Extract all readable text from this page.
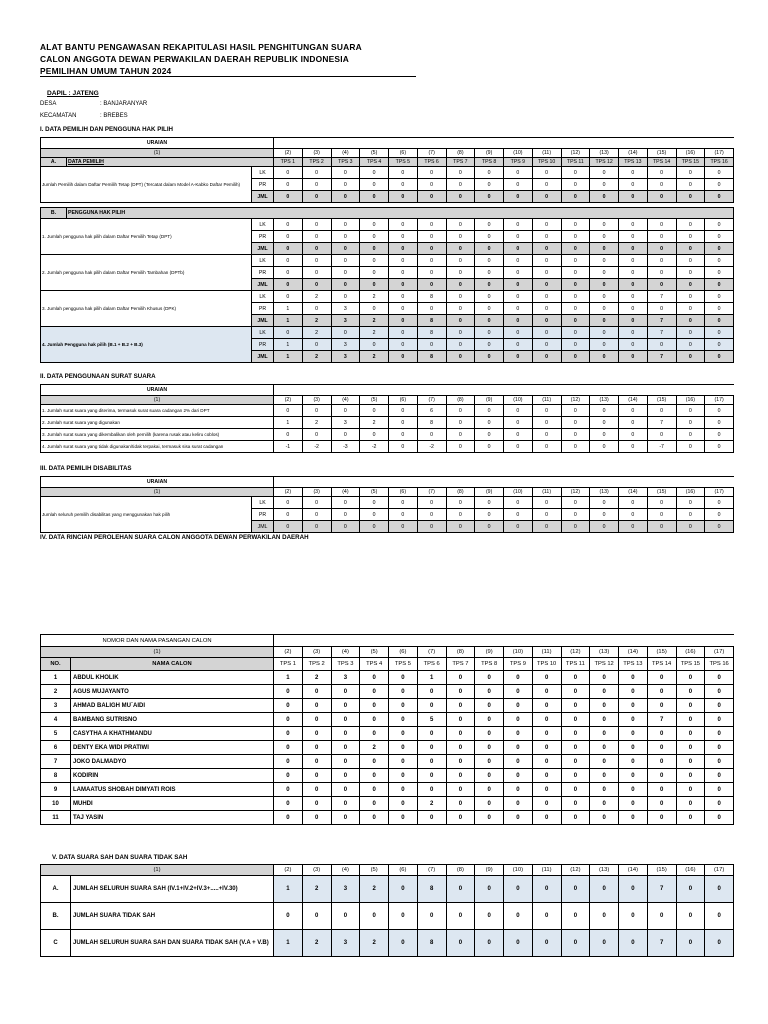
ALAT BANTU PENGAWASAN REKAPITULASI HASIL PENGHITUNGAN SUARA
CALON ANGGOTA DEWAN PERWAKILAN DAERAH REPUBLIK INDONESIA
PEMILIHAN UMUM TAHUN 2024
DAPIL : JATENG
DESA	: BANJARANYAR
KECAMATAN	: BREBES
I. DATA PEMILIH DAN PENGGUNA HAK PILIH
URAIAN																		
(1)			(2)	(3)	(4)	(5)	(6)	(7)	(8)	(9)	(10)	(11)	(12)	(13)	(14)	(15)	(16)	(17)
A.	DATA PEMILIH		TPS 1	TPS 2	TPS 3	TPS 4	TPS 5	TPS 6	TPS 7	TPS 8	TPS 9	TPS 10	TPS 11	TPS 12	TPS 13	TPS 14	TPS 15	TPS 16
Jumlah Pemilih dalam Daftar Pemilih Tetap (DPT) (Tercatat dalam Model A-Kabko Daftar Pemilih)		LK	0	0	0	0	0	0	0	0	0	0	0	0	0	0	0	0
		PR	0	0	0	0	0	0	0	0	0	0	0	0	0	0	0	0
		JML	0	0	0	0	0	0	0	0	0	0	0	0	0	0	0	0

B.	PENGGUNA HAK PILIH																	
1. Jumlah pengguna hak pilih dalam Daftar Pemilih Tetap (DPT)		LK	0	0	0	0	0	0	0	0	0	0	0	0	0	0	0	0
		PR	0	0	0	0	0	0	0	0	0	0	0	0	0	0	0	0
		JML	0	0	0	0	0	0	0	0	0	0	0	0	0	0	0	0
2. Jumlah pengguna hak pilih dalam Daftar Pemilih Tambahan (DPTb)		LK	0	0	0	0	0	0	0	0	0	0	0	0	0	0	0	0
		PR	0	0	0	0	0	0	0	0	0	0	0	0	0	0	0	0
		JML	0	0	0	0	0	0	0	0	0	0	0	0	0	0	0	0
3. Jumlah pengguna hak pilih dalam Daftar Pemilih Khusus (DPK)		LK	0	2	0	2	0	8	0	0	0	0	0	0	0	7	0	0
		PR	1	0	3	0	0	0	0	0	0	0	0	0	0	0	0	0
		JML	1	2	3	2	0	8	0	0	0	0	0	0	0	7	0	0
4. Jumlah Pengguna hak pilih (B.1 + B.2 + B.3)		LK	0	2	0	2	0	8	0	0	0	0	0	0	0	7	0	0
		PR	1	0	3	0	0	0	0	0	0	0	0	0	0	0	0	0
		JML	1	2	3	2	0	8	0	0	0	0	0	0	0	7	0	0
II. DATA PENGGUNAAN SURAT SUARA
URAIAN																
(1)	(2)	(3)	(4)	(5)	(6)	(7)	(8)	(9)	(10)	(11)	(12)	(13)	(14)	(15)	(16)	(17)
1. Jumlah surat suara yang diterima, termasuk surat suara cadangan 2% dari DPT	0	0	0	0	0	6	0	0	0	0	0	0	0	0	0	0
2. Jumlah surat suara yang digunakan	1	2	3	2	0	8	0	0	0	0	0	0	0	7	0	0
3. Jumlah surat suara yang dikembalikan oleh pemilih (karena rusak atau keliru coblos)	0	0	0	0	0	0	0	0	0	0	0	0	0	0	0	0
4. Jumlah surat suara yang tidak digunakan/tidak terpakai, termasuk sisa surat cadangan	-1	-2	-3	-2	0	-2	0	0	0	0	0	0	0	-7	0	0
III. DATA PEMILIH DISABILITAS
URAIAN																	
(1)		(2)	(3)	(4)	(5)	(6)	(7)	(8)	(9)	(10)	(11)	(12)	(13)	(14)	(15)	(16)	(17)
Jumlah seluruh pemilih disabilitas yang menggunakan hak pilih	LK	0	0	0	0	0	0	0	0	0	0	0	0	0	0	0	0
	PR	0	0	0	0	0	0	0	0	0	0	0	0	0	0	0	0
	JML	0	0	0	0	0	0	0	0	0	0	0	0	0	0	0	0
IV. DATA RINCIAN PEROLEHAN SUARA CALON ANGGOTA DEWAN PERWAKILAN DAERAH
NOMOR DAN NAMA PASANGAN CALON																	
(1)		(2)	(3)	(4)	(5)	(6)	(7)	(8)	(9)	(10)	(11)	(12)	(13)	(14)	(15)	(16)	(17)
NO.	NAMA CALON	TPS 1	TPS 2	TPS 3	TPS 4	TPS 5	TPS 6	TPS 7	TPS 8	TPS 9	TPS 10	TPS 11	TPS 12	TPS 13	TPS 14	TPS 15	TPS 16
1	ABDUL KHOLIK	1	2	3	0	0	1	0	0	0	0	0	0	0	0	0	0
2	AGUS MUJAYANTO	0	0	0	0	0	0	0	0	0	0	0	0	0	0	0	0
3	AHMAD BALIGH MU`AIDI	0	0	0	0	0	0	0	0	0	0	0	0	0	0	0	0
4	BAMBANG SUTRISNO	0	0	0	0	0	5	0	0	0	0	0	0	0	7	0	0
5	CASYTHA A KHATHMANDU	0	0	0	0	0	0	0	0	0	0	0	0	0	0	0	0
6	DENTY EKA WIDI PRATIWI	0	0	0	2	0	0	0	0	0	0	0	0	0	0	0	0
7	JOKO DALMADYO	0	0	0	0	0	0	0	0	0	0	0	0	0	0	0	0
8	KODIRIN	0	0	0	0	0	0	0	0	0	0	0	0	0	0	0	0
9	LAMAATUS SHOBAH DIMYATI ROIS	0	0	0	0	0	0	0	0	0	0	0	0	0	0	0	0
10	MUHDI	0	0	0	0	0	2	0	0	0	0	0	0	0	0	0	0
11	TAJ YASIN	0	0	0	0	0	0	0	0	0	0	0	0	0	0	0	0
V. DATA SUARA SAH DAN SUARA TIDAK SAH
(1)		(2)	(3)	(4)	(5)	(6)	(7)	(8)	(9)	(10)	(11)	(12)	(13)	(14)	(15)	(16)	(17)
A.	JUMLAH SELURUH SUARA SAH (IV.1+IV.2+IV.3+.....+IV.30)	1	2	3	2	0	8	0	0	0	0	0	0	0	7	0	0
B.	JUMLAH SUARA TIDAK SAH	0	0	0	0	0	0	0	0	0	0	0	0	0	0	0	0
C	JUMLAH SELURUH SUARA SAH DAN SUARA TIDAK SAH (V.A + V.B)	1	2	3	2	0	8	0	0	0	0	0	0	0	7	0	0
